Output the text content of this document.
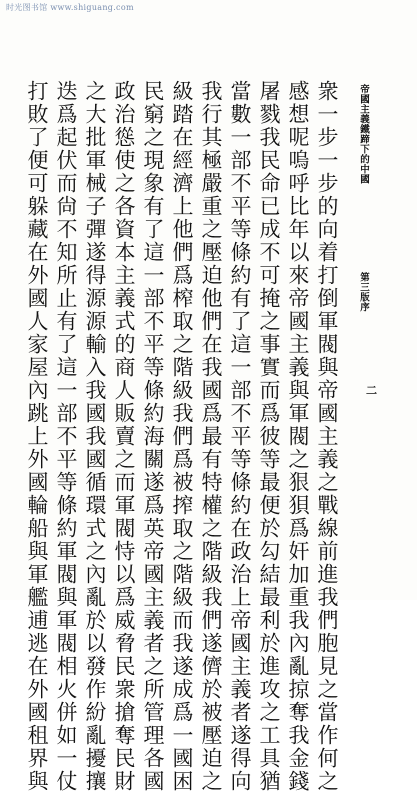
时光图书馆 www.shiguang.com
帝國主義鐵蹄下的中國
第三版序
二
衆一步一步的向着打倒軍閥與帝國主義之戰線前進我們胞見之當作何之
感想呢嗚呼比年以來帝國主義與軍閥之狠狽爲奸加重我內亂掠奪我金錢
屠戮我民命已成不可掩之事實而爲彼等最便於勾結最利於進攻之工具猶
當數一部不平等條約有了這一部不平等條約在政治上帝國主義者遂得向
我行其極嚴重之壓迫他們在我國爲最有特權之階級我們遂儕於被壓迫之
級踏在經濟上他們爲榨取之階級我們爲被搾取之階級而我遂成爲一國困
民窮之現象有了這一部不平等條約海關遂爲英帝國主義者之所管理各國
政治慫使之各資本主義式的商人販賣之而軍閥恃以爲威脅民衆搶奪民財
之大批軍械子彈遂得源源輸入我國我國循環式之內亂於以發作紛亂擾攘
迭爲起伏而尙不知所止有了這一部不平等條約軍閥與軍閥相火併如一仗
打敗了便可躲藏在外國人家屋內跳上外國輪船與軍艦逋逃在外國租界與
